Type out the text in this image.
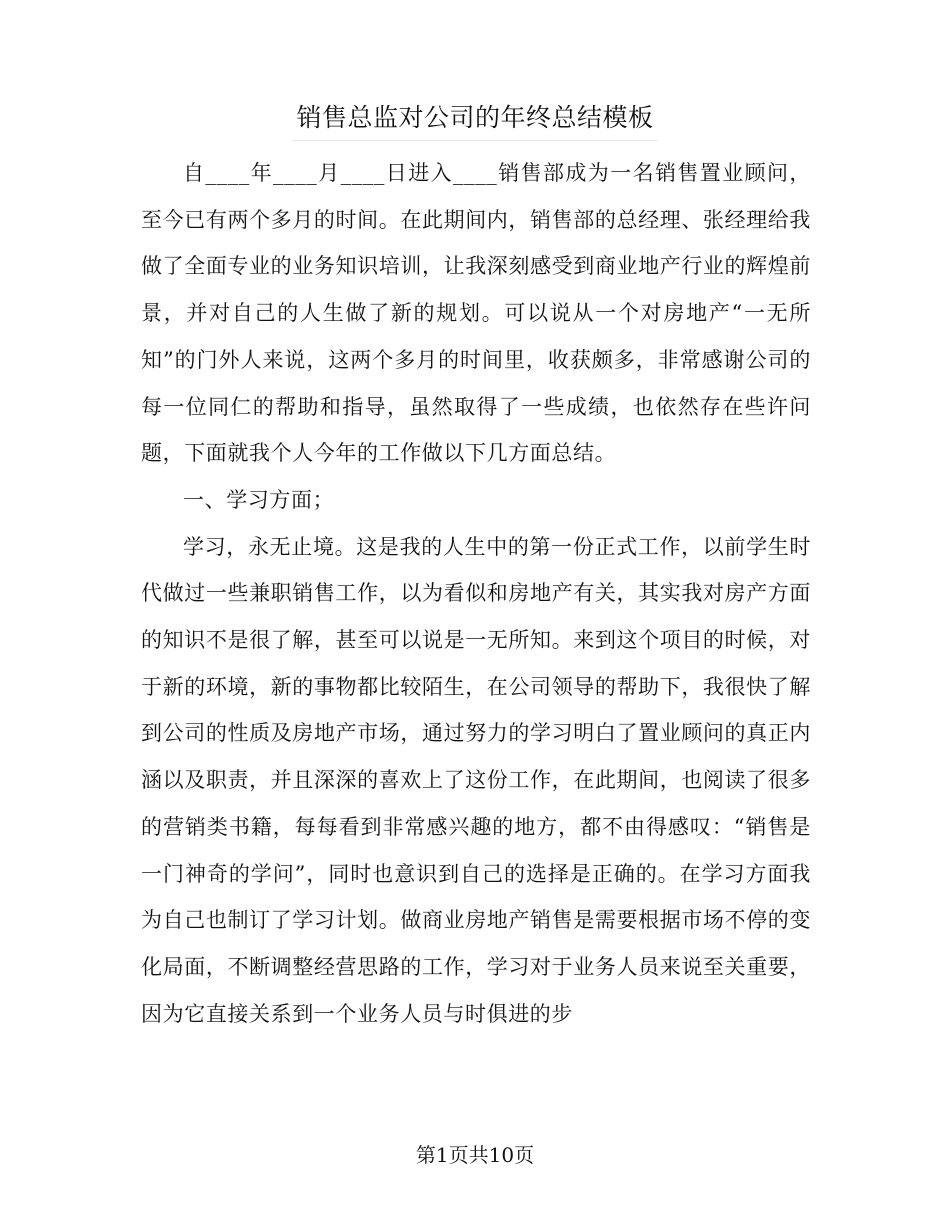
销售总监对公司的年终总结模板

自____年____月____日进入____销售部成为一名销售置业顾问，至今已有两个多月的时间。在此期间内，销售部的总经理、张经理给我做了全面专业的业务知识培训，让我深刻感受到商业地产行业的辉煌前景，并对自己的人生做了新的规划。可以说从一个对房地产“一无所知”的门外人来说，这两个多月的时间里，收获颇多，非常感谢公司的每一位同仁的帮助和指导，虽然取得了一些成绩，也依然存在些许问题，下面就我个人今年的工作做以下几方面总结。

一、学习方面；

学习，永无止境。这是我的人生中的第一份正式工作，以前学生时代做过一些兼职销售工作，以为看似和房地产有关，其实我对房产方面的知识不是很了解，甚至可以说是一无所知。来到这个项目的时候，对于新的环境，新的事物都比较陌生，在公司领导的帮助下，我很快了解到公司的性质及房地产市场，通过努力的学习明白了置业顾问的真正内涵以及职责，并且深深的喜欢上了这份工作，在此期间，也阅读了很多的营销类书籍，每每看到非常感兴趣的地方，都不由得感叹：“销售是一门神奇的学问”，同时也意识到自己的选择是正确的。在学习方面我为自己也制订了学习计划。做商业房地产销售是需要根据市场不停的变化局面，不断调整经营思路的工作，学习对于业务人员来说至关重要，因为它直接关系到一个业务人员与时俱进的步

第1页共10页
